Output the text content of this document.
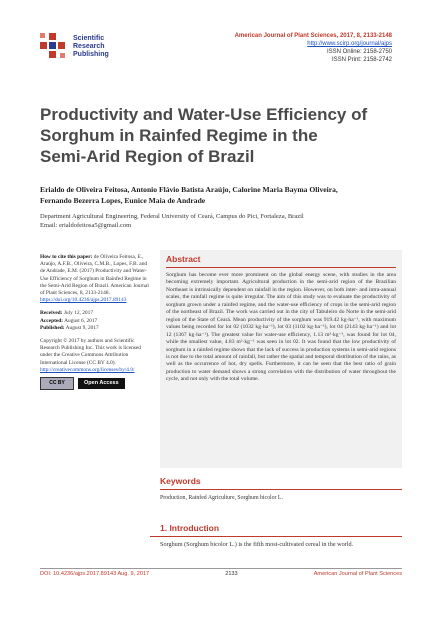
Scientific
Research
Publishing
American Journal of Plant Sciences, 2017, 8, 2133-2148
http://www.scirp.org/journal/ajps
ISSN Online: 2158-2750
ISSN Print: 2158-2742
Productivity and Water-Use Efficiency of
Sorghum in Rainfed Regime in the
Semi-Arid Region of Brazil
Erialdo de Oliveira Feitosa, Antonio Flávio Batista Araújo, Calorine Maria Bayma Oliveira,
Fernando Bezerra Lopes, Eunice Maia de Andrade
Department Agricultural Engineering, Federal University of Ceará, Campus do Pici, Fortaleza, Brazil
Email: erialdofeitosa5@gmail.com
How to cite this paper: de Oliveira Feitosa, E., Araújo, A.F.B., Oliveira, C.M.B., Lopes, F.B. and de Andrade, E.M. (2017) Productivity and Water-Use Efficiency of Sorghum in Rainfed Regime in the Semi-Arid Region of Brazil. American Journal of Plant Sciences, 8, 2133-2148.
https://doi.org/10.4236/ajps.2017.89143
Received: July 12, 2017
Accepted: August 6, 2017
Published: August 9, 2017
Copyright © 2017 by authors and Scientific Research Publishing Inc. This work is licensed under the Creative Commons Attribution International License (CC BY 4.0).
http://creativecommons.org/licenses/by/4.0/
CC BY	Open Access
Abstract
Sorghum has become ever more prominent on the global energy scene, with studies in the area becoming extremely important. Agricultural production in the semi-arid region of the Brazilian Northeast is intrinsically dependent on rainfall in the region. However, on both inter- and intra-annual scales, the rainfall regime is quite irregular. The aim of this study was to evaluate the productivity of sorghum grown under a rainfed regime, and the water-use efficiency of crops in the semi-arid region of the northeast of Brazil. The work was carried out in the city of Tabuleiro do Norte in the semi-arid region of the State of Ceará. Mean productivity of the sorghum was 919.42 kg·ha⁻¹, with maximum values being recorded for lot 02 (1032 kg·ha⁻¹), lot 03 (1102 kg·ha⁻¹), lot 04 (2143 kg·ha⁻¹) and lot 12 (1367 kg·ha⁻¹). The greatest value for water-use efficiency, 1.13 m³·kg⁻¹, was found for lot 04, while the smallest value, 4.83 m³·kg⁻¹ was seen in lot 02. It was found that the low productivity of sorghum in a rainfed regime shows that the lack of success in production systems in semi-arid regions is not due to the total amount of rainfall, but rather the spatial and temporal distribution of the rains, as well as the occurrence of hot, dry spells. Furthermore, it can be seen that the best ratio of grain production to water demand shows a strong correlation with the distribution of water throughout the cycle, and not only with the total volume.
Keywords
Production, Rainfed Agriculture, Sorghum bicolor L.
1. Introduction
Sorghum (Sorghum bicolor L.) is the fifth most-cultivated cereal in the world.
DOI: 10.4236/ajps.2017.89143 Aug. 9, 2017	2133	American Journal of Plant Sciences
